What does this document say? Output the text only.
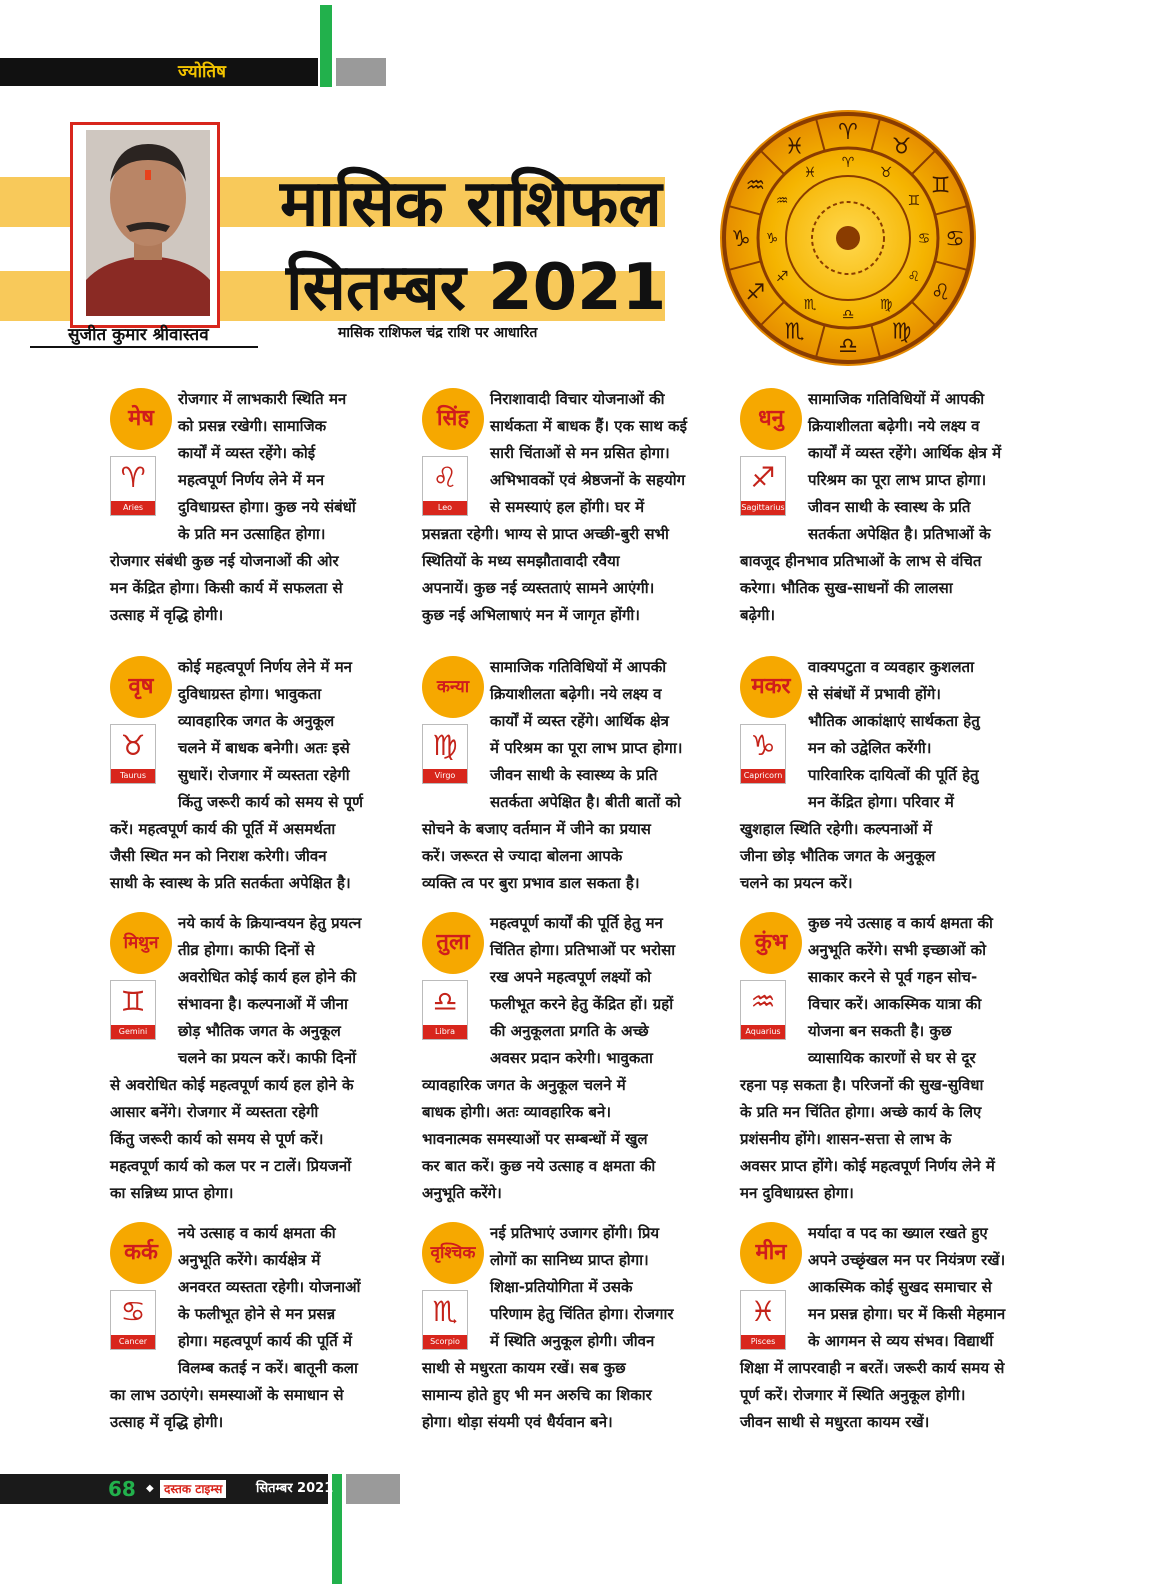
ज्योतिष
मासिक राशिफल
सितम्बर 2021
सुजीत कुमार श्रीवास्तव	मासिक राशिफल चंद्र राशि पर आधारित
♈
♈
♉
♉
♊
♊
♋
♋
♌
♌
♍
♍
♎
♎
♏
♏
♐
♐
♑ ♑
♒
♒
♓
♓
मेष
♈
Aries

रोजगार में लाभकारी स्थिति मन

को प्रसन्न रखेगी। सामाजिक

कार्यों में व्यस्त रहेंगे। कोई

महत्वपूर्ण निर्णय लेने में मन

दुविधाग्रस्त होगा। कुछ नये संबंधों

के प्रति मन उत्साहित होगा।

रोजगार संबंधी कुछ नई योजनाओं की ओर

मन केंद्रित होगा। किसी कार्य में सफलता से

उत्साह में वृद्धि होगी।

वृष
♉
Taurus

कोई महत्वपूर्ण निर्णय लेने में मन

दुविधाग्रस्त होगा। भावुकता

व्यावहारिक जगत के अनुकूल

चलने में बाधक बनेगी। अतः इसे

सुधारें। रोजगार में व्यस्तता रहेगी

किंतु जरूरी कार्य को समय से पूर्ण

करें। महत्वपूर्ण कार्य की पूर्ति में असमर्थता

जैसी स्थित मन को निराश करेगी। जीवन

साथी के स्वास्थ के प्रति सतर्कता अपेक्षित है।

मिथुन
♊
Gemini

नये कार्य के क्रियान्वयन हेतु प्रयत्न

तीव्र होगा। काफी दिनों से

अवरोधित कोई कार्य हल होने की

संभावना है। कल्पनाओं में जीना

छोड़ भौतिक जगत के अनुकूल

चलने का प्रयत्न करें। काफी दिनों

से अवरोधित कोई महत्वपूर्ण कार्य हल होने के

आसार बनेंगे। रोजगार में व्यस्तता रहेगी

किंतु जरूरी कार्य को समय से पूर्ण करें।

महत्वपूर्ण कार्य को कल पर न टालें। प्रियजनों

का सन्निध्य प्राप्त होगा।

कर्क
♋
Cancer

नये उत्साह व कार्य क्षमता की

अनुभूति करेंगे। कार्यक्षेत्र में

अनवरत व्यस्तता रहेगी। योजनाओं

के फलीभूत होने से मन प्रसन्न

होगा। महत्वपूर्ण कार्य की पूर्ति में

विलम्ब कतई न करें। बातूनी कला

का लाभ उठाएंगे। समस्याओं के समाधान से

उत्साह में वृद्धि होगी।

सिंह
♌
Leo

निराशावादी विचार योजनाओं की

सार्थकता में बाधक हैं। एक साथ कई

सारी चिंताओं से मन ग्रसित होगा।

अभिभावकों एवं श्रेष्ठजनों के सहयोग

से समस्याएं हल होंगी। घर में

प्रसन्नता रहेगी। भाग्य से प्राप्त अच्छी-बुरी सभी

स्थितियों के मध्य समझौतावादी रवैया

अपनायें। कुछ नई व्यस्तताएं सामने आएंगी।

कुछ नई अभिलाषाएं मन में जागृत होंगी।

कन्या
♍
Virgo

सामाजिक गतिविधियों में आपकी

क्रियाशीलता बढ़ेगी। नये लक्ष्य व

कार्यों में व्यस्त रहेंगे। आर्थिक क्षेत्र

में परिश्रम का पूरा लाभ प्राप्त होगा।

जीवन साथी के स्वास्थ्य के प्रति

सतर्कता अपेक्षित है। बीती बातों को

सोचने के बजाए वर्तमान में जीने का प्रयास

करें। जरूरत से ज्यादा बोलना आपके

व्यक्ति त्व पर बुरा प्रभाव डाल सकता है।

तुला
♎
Libra

महत्वपूर्ण कार्यों की पूर्ति हेतु मन

चिंतित होगा। प्रतिभाओं पर भरोसा

रख अपने महत्वपूर्ण लक्ष्यों को

फलीभूत करने हेतु केंद्रित हों। ग्रहों

की अनुकूलता प्रगति के अच्छे

अवसर प्रदान करेगी। भावुकता

व्यावहारिक जगत के अनुकूल चलने में

बाधक होगी। अतः व्यावहारिक बने।

भावनात्मक समस्याओं पर सम्बन्धों में खुल

कर बात करें। कुछ नये उत्साह व क्षमता की

अनुभूति करेंगे।

वृश्चिक
♏
Scorpio

नई प्रतिभाएं उजागर होंगी। प्रिय

लोगों का सानिध्य प्राप्त होगा।

शिक्षा-प्रतियोगिता में उसके

परिणाम हेतु चिंतित होगा। रोजगार

में स्थिति अनुकूल होगी। जीवन

साथी से मधुरता कायम रखें। सब कुछ

सामान्य होते हुए भी मन अरुचि का शिकार

होगा। थोड़ा संयमी एवं धैर्यवान बने।

धनु
♐
Sagittarius

सामाजिक गतिविधियों में आपकी

क्रियाशीलता बढ़ेगी। नये लक्ष्य व

कार्यों में व्यस्त रहेंगे। आर्थिक क्षेत्र में

परिश्रम का पूरा लाभ प्राप्त होगा।

जीवन साथी के स्वास्थ के प्रति

सतर्कता अपेक्षित है। प्रतिभाओं के

बावजूद हीनभाव प्रतिभाओं के लाभ से वंचित

करेगा। भौतिक सुख-साधनों की लालसा

बढ़ेगी।

मकर
♑
Capricorn

वाक्यपटुता व व्यवहार कुशलता

से संबंधों में प्रभावी होंगे।

भौतिक आकांक्षाएं सार्थकता हेतु

मन को उद्वेलित करेंगी।

पारिवारिक दायित्वों की पूर्ति हेतु

मन केंद्रित होगा। परिवार में

खुशहाल स्थिति रहेगी। कल्पनाओं में

जीना छोड़ भौतिक जगत के अनुकूल

चलने का प्रयत्न करें।

कुंभ
♒
Aquarius

कुछ नये उत्साह व कार्य क्षमता की

अनुभूति करेंगे। सभी इच्छाओं को

साकार करने से पूर्व गहन सोच-

विचार करें। आकस्मिक यात्रा की

योजना बन सकती है। कुछ

व्यासायिक कारणों से घर से दूर

रहना पड़ सकता है। परिजनों की सुख-सुविधा

के प्रति मन चिंतित होगा। अच्छे कार्य के लिए

प्रशंसनीय होंगे। शासन-सत्ता से लाभ के

अवसर प्राप्त होंगे। कोई महत्वपूर्ण निर्णय लेने में

मन दुविधाग्रस्त होगा।

मीन
♓
Pisces

मर्यादा व पद का ख्याल रखते हुए

अपने उच्छृंखल मन पर नियंत्रण रखें।

आकस्मिक कोई सुखद समाचार से

मन प्रसन्न होगा। घर में किसी मेहमान

के आगमन से व्यय संभव। विद्यार्थी

शिक्षा में लापरवाही न बरतें। जरूरी कार्य समय से

पूर्ण करें। रोजगार में स्थिति अनुकूल होगी।

जीवन साथी से मधुरता कायम रखें।

68 ◆ दस्तक टाइम्स	सितम्बर 2021
